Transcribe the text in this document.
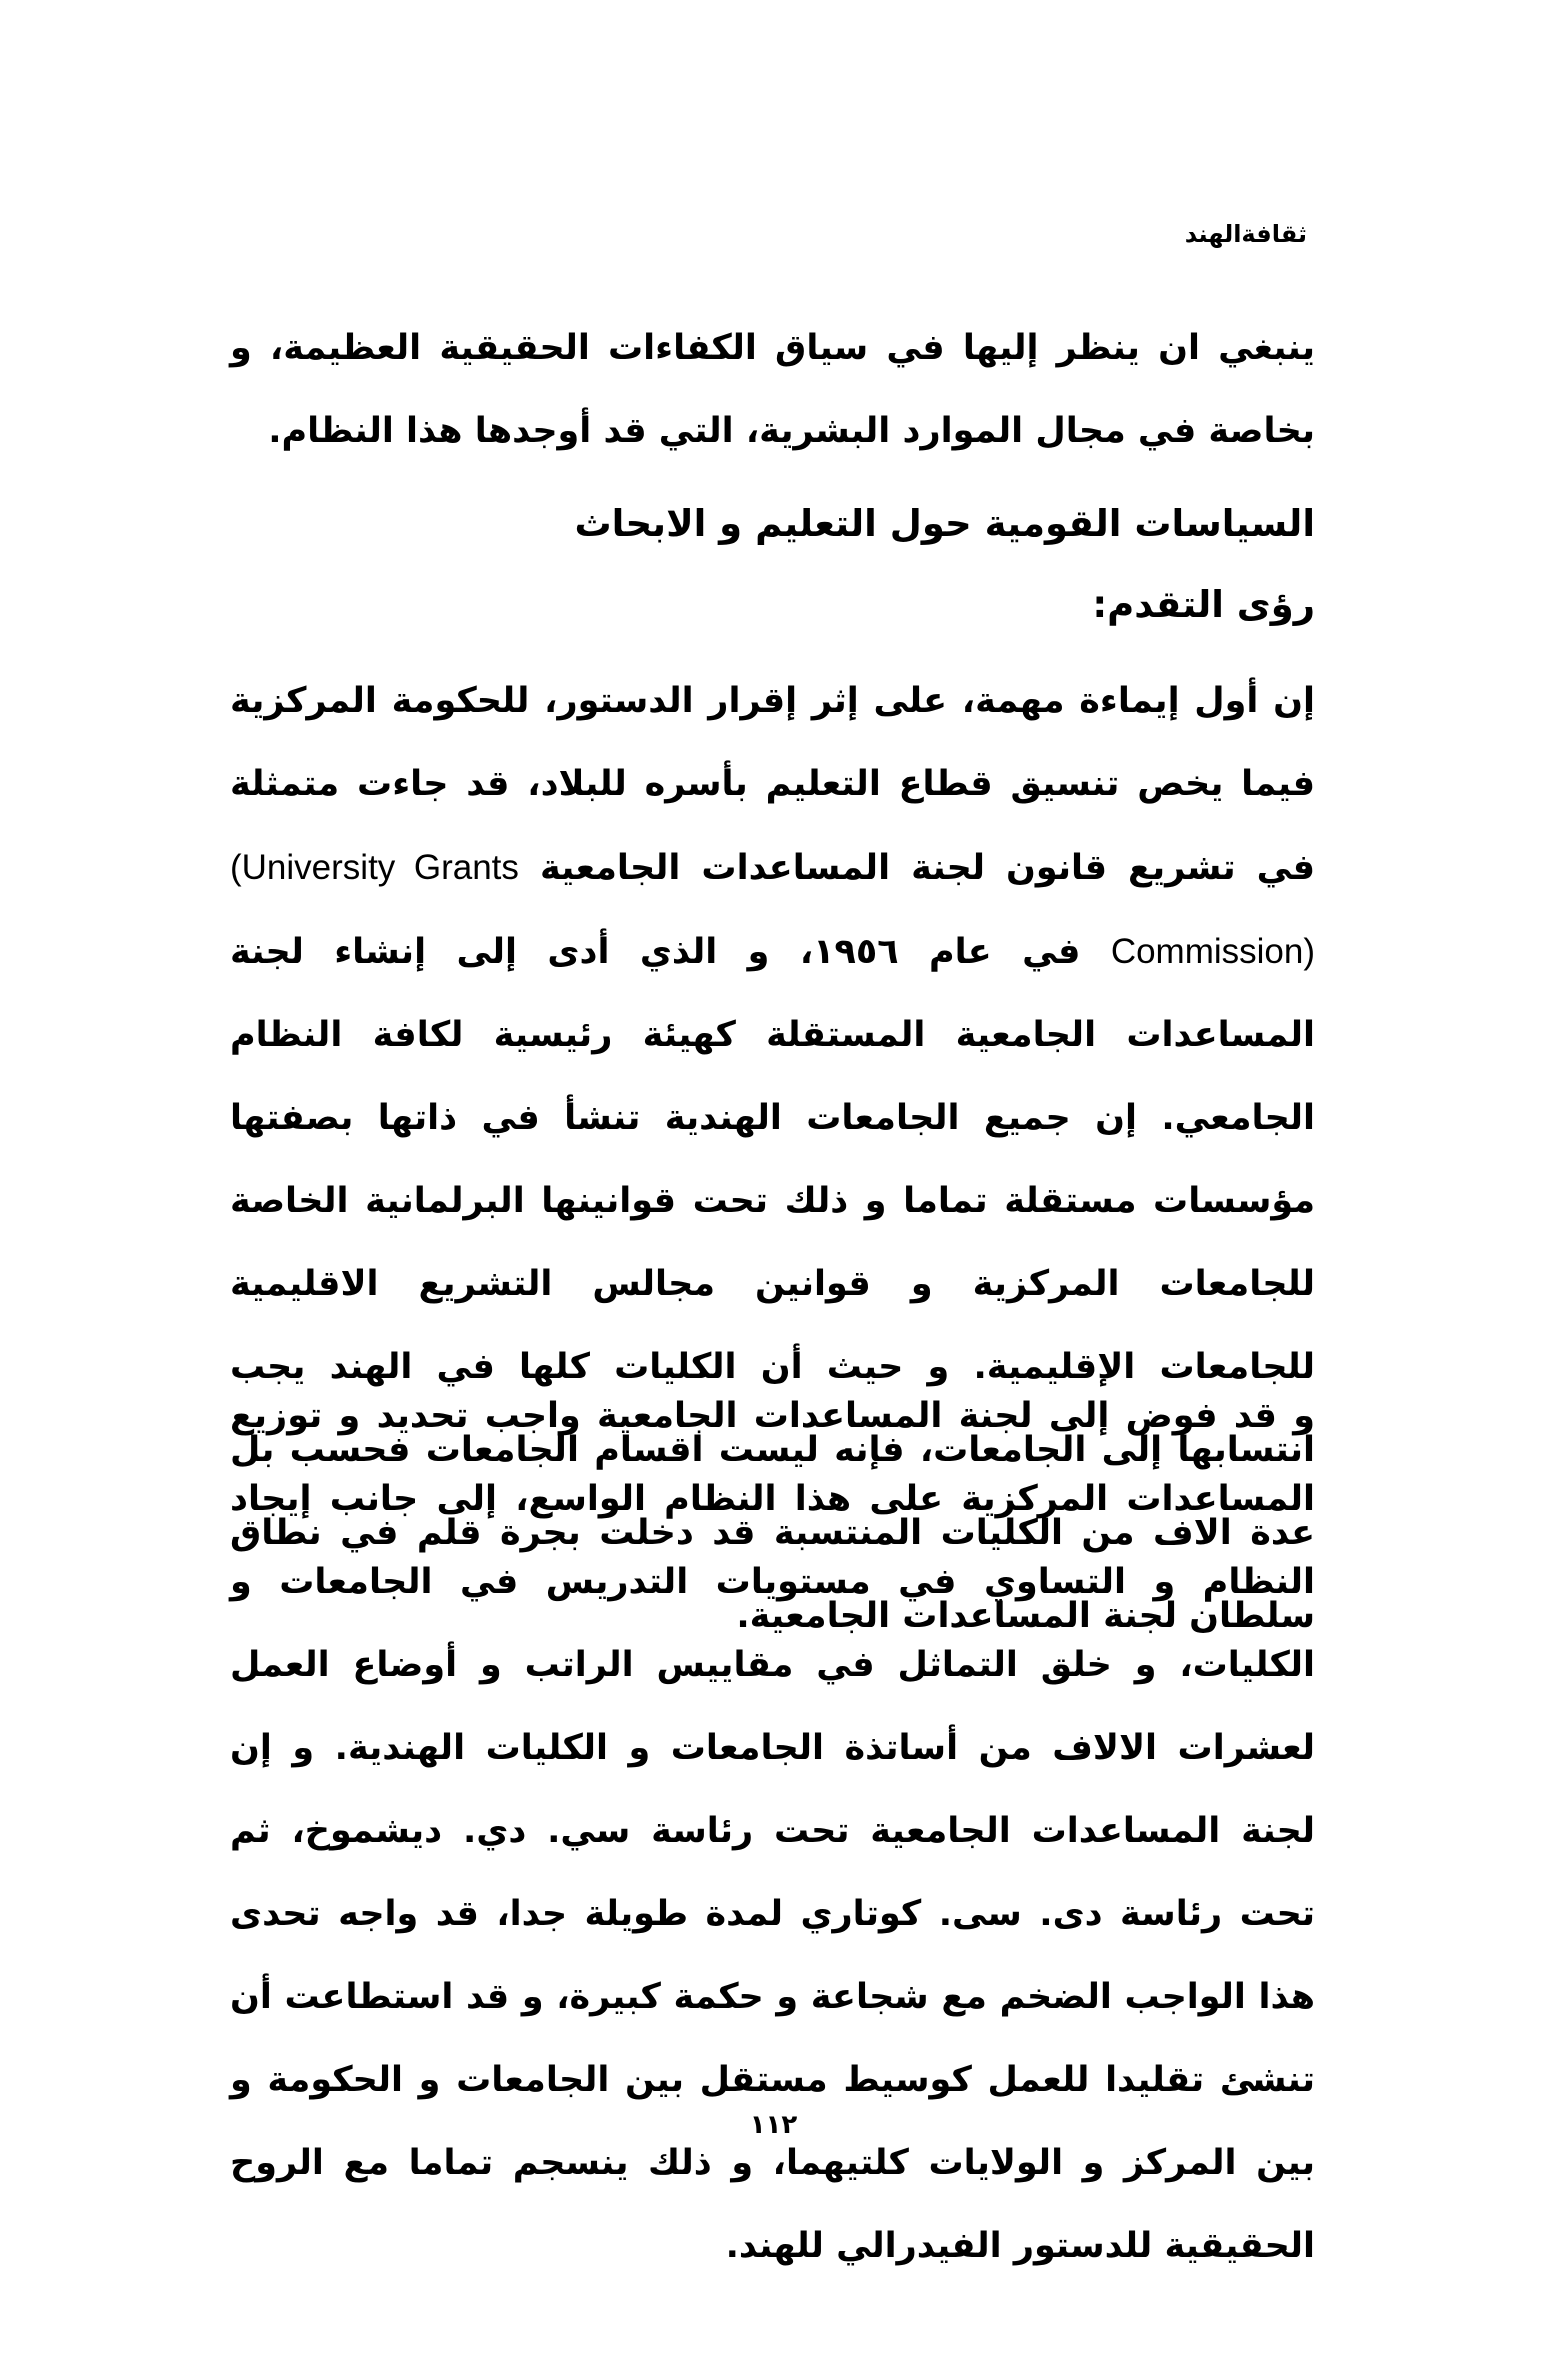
ثقافةالهند

ينبغي ان ينظر إليها في سياق الكفاءات الحقيقية العظيمة، و بخاصة في مجال الموارد البشرية، التي قد أوجدها هذا النظام.

السياسات القومية حول التعليم و الابحاث
رؤى التقدم:

إن أول إيماءة مهمة، على إثر إقرار الدستور، للحكومة المركزية فيما يخص تنسيق قطاع التعليم بأسره للبلاد، قد جاءت متمثلة في تشريع قانون لجنة المساعدات الجامعية (University Grants Commission) في عام ١٩٥٦، و الذي أدى إلى إنشاء لجنة المساعدات الجامعية المستقلة كهيئة رئيسية لكافة النظام الجامعي. إن جميع الجامعات الهندية تنشأ في ذاتها بصفتها مؤسسات مستقلة تماما و ذلك تحت قوانينها البرلمانية الخاصة للجامعات المركزية و قوانين مجالس التشريع الاقليمية للجامعات الإقليمية. و حيث أن الكليات كلها في الهند يجب انتسابها إلى الجامعات، فإنه ليست اقسام الجامعات فحسب بل عدة الاف من الكليات المنتسبة قد دخلت بجرة قلم في نطاق سلطان لجنة المساعدات الجامعية.

و قد فوض إلى لجنة المساعدات الجامعية واجب تحديد و توزيع المساعدات المركزية على هذا النظام الواسع، إلى جانب إيجاد النظام و التساوي في مستويات التدريس في الجامعات و الكليات، و خلق التماثل في مقاييس الراتب و أوضاع العمل لعشرات الالاف من أساتذة الجامعات و الكليات الهندية. و إن لجنة المساعدات الجامعية تحت رئاسة سي. دي. ديشموخ، ثم تحت رئاسة دى. سى. كوتاري لمدة طويلة جدا، قد واجه تحدى هذا الواجب الضخم مع شجاعة و حكمة كبيرة، و قد استطاعت أن تنشئ تقليدا للعمل كوسيط مستقل بين الجامعات و الحكومة و بين المركز و الولايات كلتيهما، و ذلك ينسجم تماما مع الروح الحقيقية للدستور الفيدرالي للهند.

١١٢
